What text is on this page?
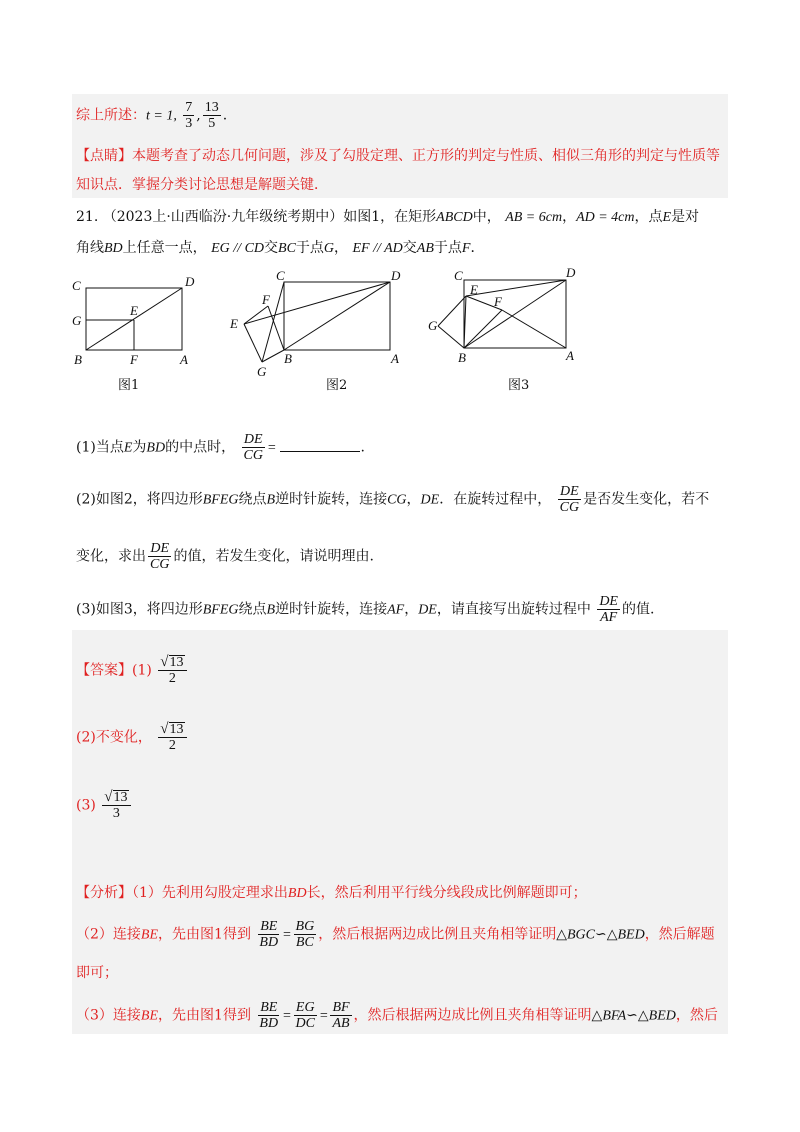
综上所述：t = 1, $\frac{7}{3}$ , $\frac{13}{5}$ .
【点睛】本题考查了动态几何问题，涉及了勾股定理、正方形的判定与性质、相似三角形的判定与性质等
知识点．掌握分类讨论思想是解题关键．
21. （2023上·山西临汾·九年级统考期中）如图1，在矩形ABCD中， AB = 6cm，AD = 4cm，点E是对
角线BD上任意一点， EG // CD交BC于点G， EF // AD交AB于点F．
C	D
E
G
B	F	A
图1
C	D
F
E
B
G
A
图2
C	D
E
F
G
B	A
图3
(1)当点E为BD的中点时， $\frac{DE}{CG}$ =	.
(2)如图2，将四边形BFEG绕点B逆时针旋转，连接CG，DE．在旋转过程中， $\frac{DE}{CG}$ 是否发生变化，若不
变化，求出 $\frac{DE}{CG}$ 的值，若发生变化，请说明理由.
(3)如图3，将四边形BFEG绕点B逆时针旋转，连接AF，DE，请直接写出旋转过程中 $\frac{DE}{AF}$ 的值.
【答案】$(1) \frac{√ 13}{2}$
(2)不变化， $\frac{√ 13}{2}$
$(3) \frac{√ 13}{3}$
【分析】（1）先利用勾股定理求出BD长，然后利用平行线分线段成比例解题即可；
（2）连接BE，先由图1得到 $\frac{BE}{BD} = \frac{BG}{BC}$ ，然后根据两边成比例且夹角相等证明△BGC∽△BED，然后解题
即可；
（3）连接BE，先由图1得到 $\frac{BE}{BD} = \frac{EG}{DC} = \frac{BF}{AB}$ ，然后根据两边成比例且夹角相等证明△BFA∽△BED，然后
